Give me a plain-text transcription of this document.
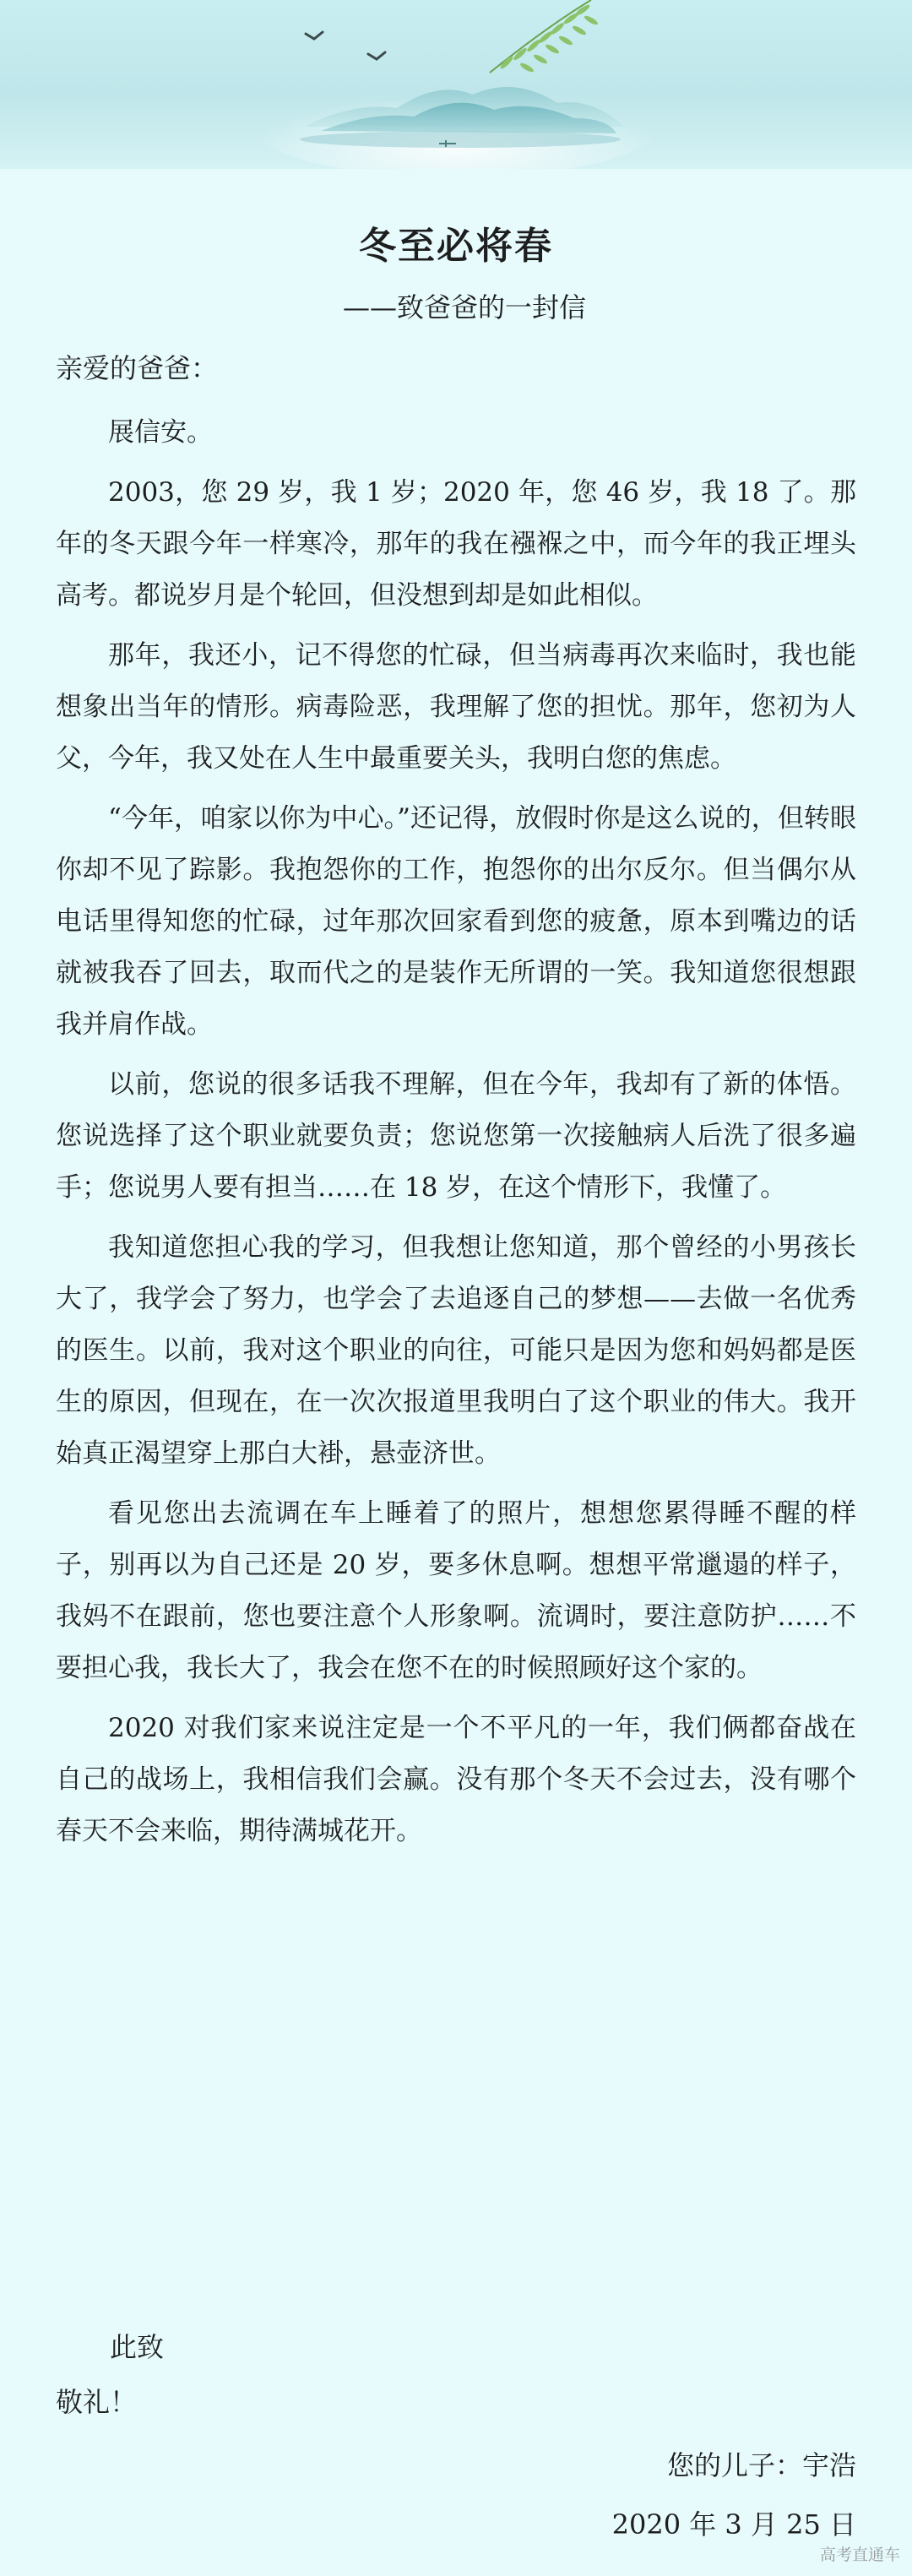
冬至必将春

——致爸爸的一封信

亲爱的爸爸：

展信安。

2003，您 29 岁，我 1 岁；2020 年，您 46 岁，我 18 了。那年的冬天跟今年一样寒冷，那年的我在襁褓之中，而今年的我正埋头高考。都说岁月是个轮回，但没想到却是如此相似。

那年，我还小，记不得您的忙碌，但当病毒再次来临时，我也能想象出当年的情形。病毒险恶，我理解了您的担忧。那年，您初为人父，今年，我又处在人生中最重要关头，我明白您的焦虑。

“今年，咱家以你为中心。”还记得，放假时你是这么说的，但转眼你却不见了踪影。我抱怨你的工作，抱怨你的出尔反尔。但当偶尔从电话里得知您的忙碌，过年那次回家看到您的疲惫，原本到嘴边的话就被我吞了回去，取而代之的是装作无所谓的一笑。我知道您很想跟我并肩作战。

以前，您说的很多话我不理解，但在今年，我却有了新的体悟。您说选择了这个职业就要负责；您说您第一次接触病人后洗了很多遍手；您说男人要有担当……在 18 岁，在这个情形下，我懂了。

我知道您担心我的学习，但我想让您知道，那个曾经的小男孩长大了，我学会了努力，也学会了去追逐自己的梦想——去做一名优秀的医生。以前，我对这个职业的向往，可能只是因为您和妈妈都是医生的原因，但现在，在一次次报道里我明白了这个职业的伟大。我开始真正渴望穿上那白大褂，悬壶济世。

看见您出去流调在车上睡着了的照片，想想您累得睡不醒的样子，别再以为自己还是 20 岁，要多休息啊。想想平常邋遢的样子，我妈不在跟前，您也要注意个人形象啊。流调时，要注意防护……不要担心我，我长大了，我会在您不在的时候照顾好这个家的。

2020 对我们家来说注定是一个不平凡的一年，我们俩都奋战在自己的战场上，我相信我们会赢。没有那个冬天不会过去，没有哪个春天不会来临，期待满城花开。

此致

敬礼！

您的儿子：宇浩

2020 年 3 月 25 日

高考直通车
